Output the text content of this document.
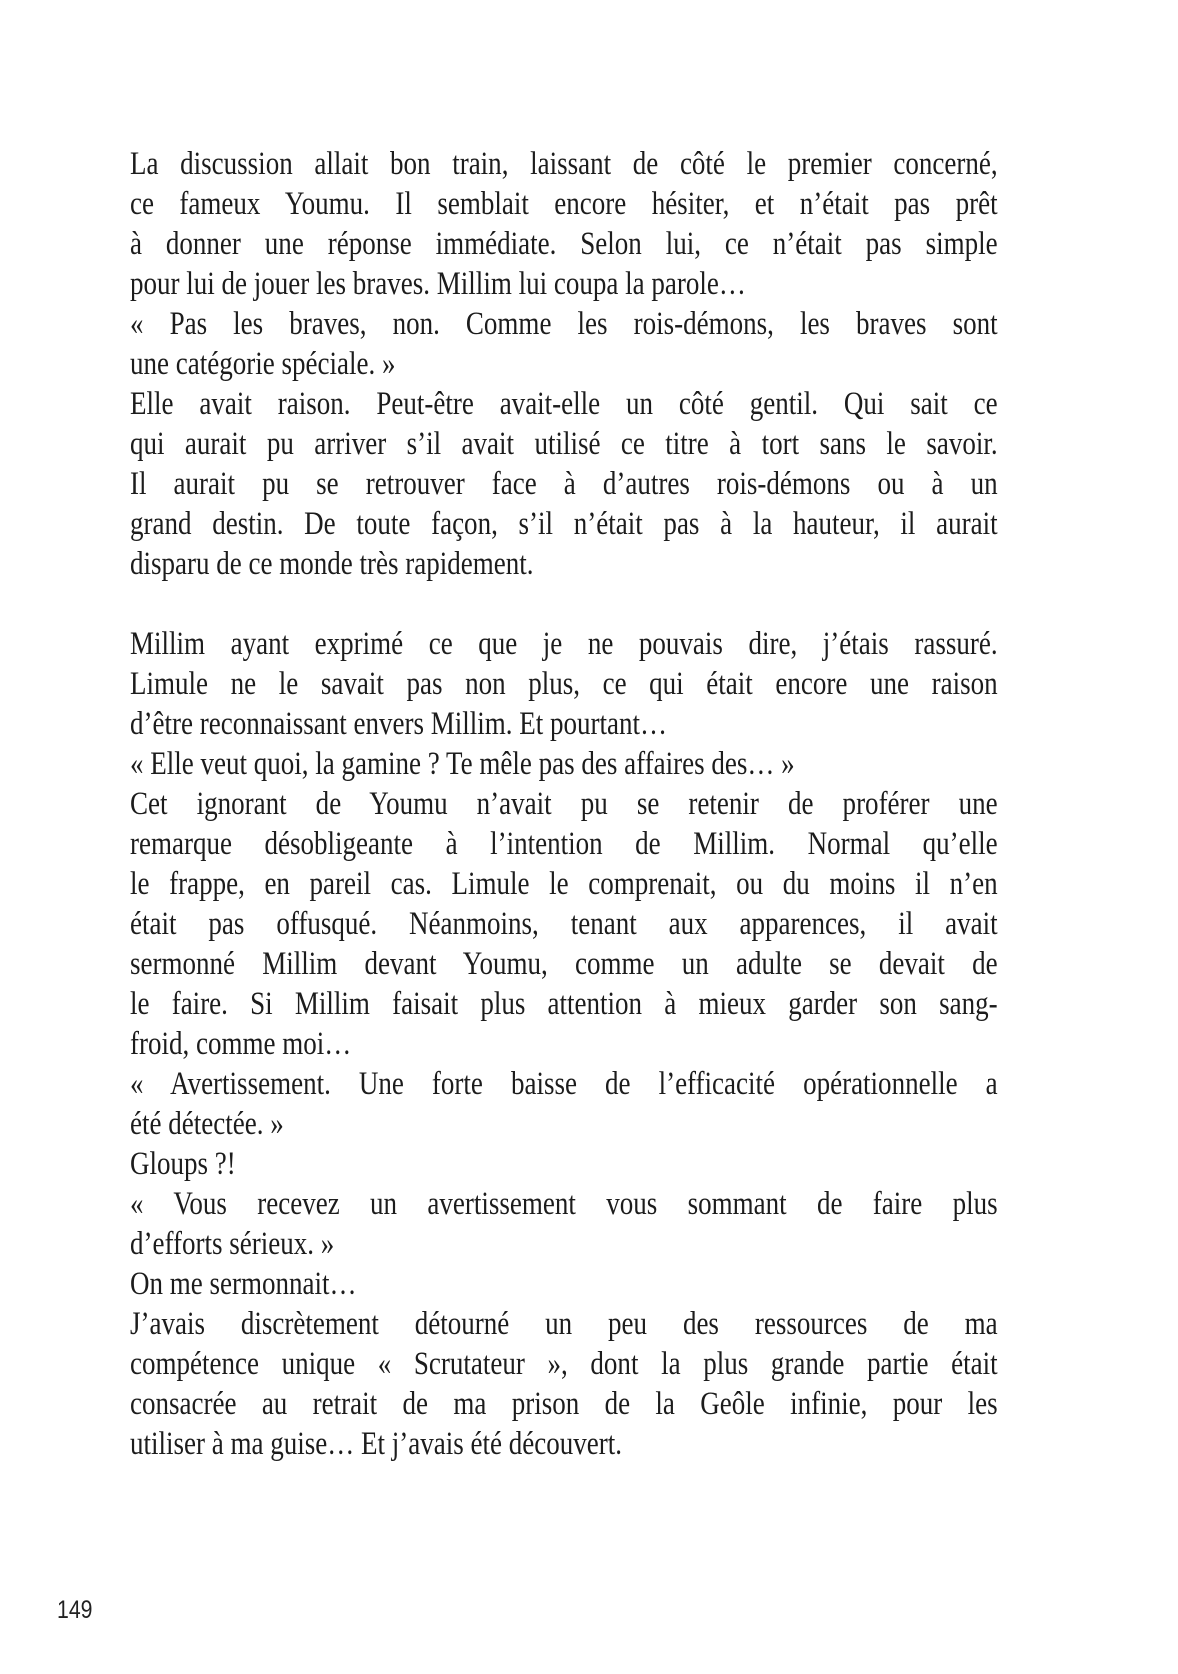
La discussion allait bon train, laissant de côté le premier concerné,
ce fameux Youmu. Il semblait encore hésiter, et n’était pas prêt
à donner une réponse immédiate. Selon lui, ce n’était pas simple
pour lui de jouer les braves. Millim lui coupa la parole…
« Pas les braves, non. Comme les rois-démons, les braves sont
une catégorie spéciale. »
Elle avait raison. Peut-être avait-elle un côté gentil. Qui sait ce
qui aurait pu arriver s’il avait utilisé ce titre à tort sans le savoir.
Il aurait pu se retrouver face à d’autres rois-démons ou à un
grand destin. De toute façon, s’il n’était pas à la hauteur, il aurait
disparu de ce monde très rapidement.
Millim ayant exprimé ce que je ne pouvais dire, j’étais rassuré.
Limule ne le savait pas non plus, ce qui était encore une raison
d’être reconnaissant envers Millim. Et pourtant…
« Elle veut quoi, la gamine ? Te mêle pas des affaires des… »
Cet ignorant de Youmu n’avait pu se retenir de proférer une
remarque désobligeante à l’intention de Millim. Normal qu’elle
le frappe, en pareil cas. Limule le comprenait, ou du moins il n’en
était pas offusqué. Néanmoins, tenant aux apparences, il avait
sermonné Millim devant Youmu, comme un adulte se devait de
le faire. Si Millim faisait plus attention à mieux garder son sang-
froid, comme moi…
« Avertissement. Une forte baisse de l’efficacité opérationnelle a
été détectée. »
Gloups ?!
« Vous recevez un avertissement vous sommant de faire plus
d’efforts sérieux. »
On me sermonnait…
J’avais discrètement détourné un peu des ressources de ma
compétence unique « Scrutateur », dont la plus grande partie était
consacrée au retrait de ma prison de la Geôle infinie, pour les
utiliser à ma guise… Et j’avais été découvert.
149
